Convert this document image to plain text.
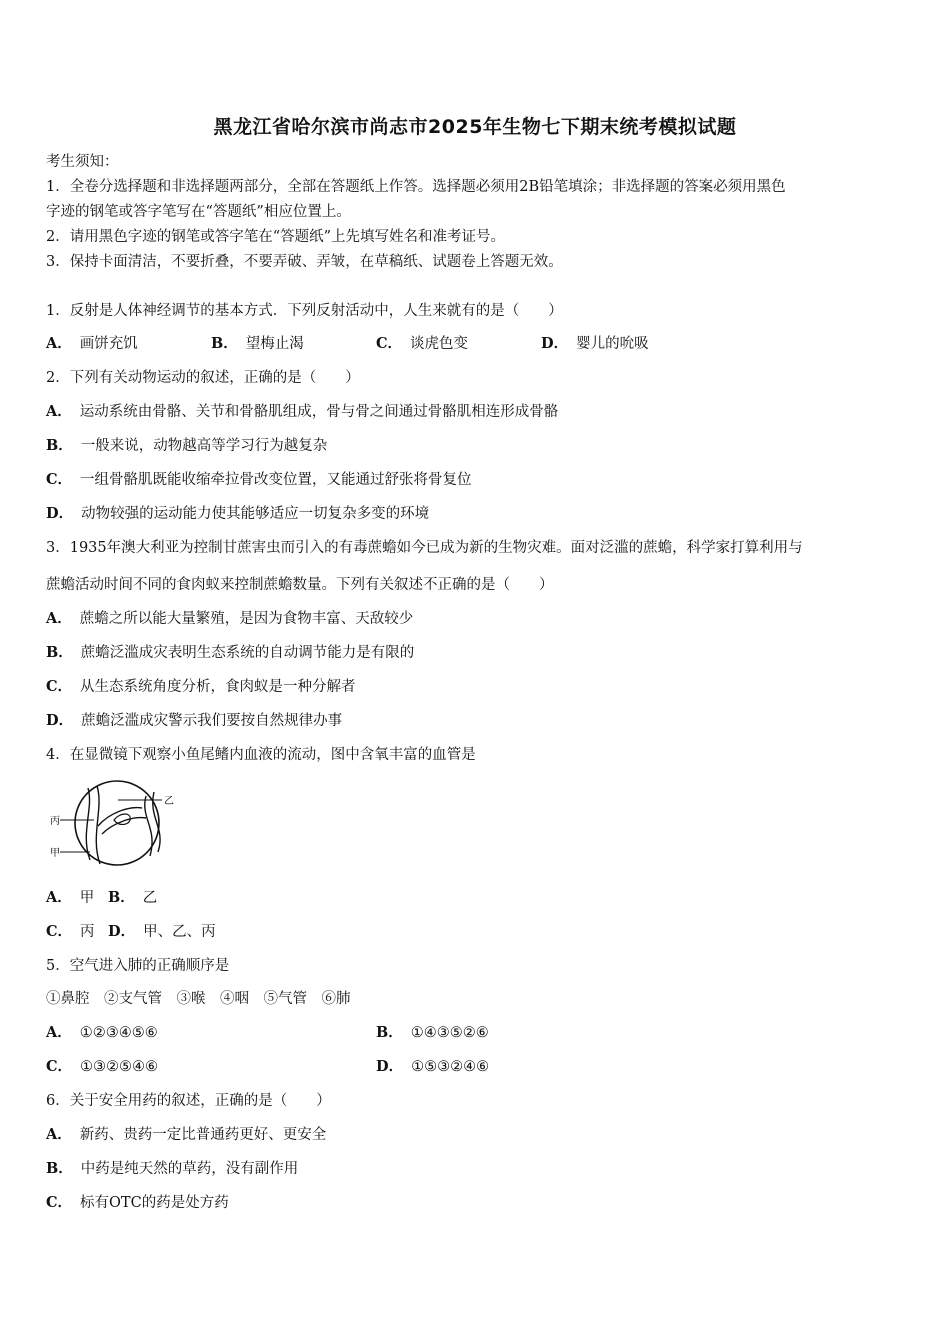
黑龙江省哈尔滨市尚志市2025年生物七下期末统考模拟试题
考生须知：
1．全卷分选择题和非选择题两部分，全部在答题纸上作答。选择题必须用2B铅笔填涂；非选择题的答案必须用黑色
字迹的钢笔或答字笔写在“答题纸”相应位置上。
2．请用黑色字迹的钢笔或答字笔在“答题纸”上先填写姓名和准考证号。
3．保持卡面清洁，不要折叠，不要弄破、弄皱，在草稿纸、试题卷上答题无效。
1．反射是人体神经调节的基本方式．下列反射活动中，人生来就有的是（　　）
A． 画饼充饥	B． 望梅止渴	C． 谈虎色变	D． 婴儿的吮吸
2．下列有关动物运动的叙述，正确的是（　　）
A． 运动系统由骨骼、关节和骨骼肌组成，骨与骨之间通过骨骼肌相连形成骨骼
B． 一般来说，动物越高等学习行为越复杂
C． 一组骨骼肌既能收缩牵拉骨改变位置，又能通过舒张将骨复位
D． 动物较强的运动能力使其能够适应一切复杂多变的环境
3．1935年澳大利亚为控制甘蔗害虫而引入的有毒蔗蟾如今已成为新的生物灾难。面对泛滥的蔗蟾，科学家打算利用与
蔗蟾活动时间不同的食肉蚁来控制蔗蟾数量。下列有关叙述不正确的是（　　）
A． 蔗蟾之所以能大量繁殖，是因为食物丰富、天敌较少
B． 蔗蟾泛滥成灾表明生态系统的自动调节能力是有限的
C． 从生态系统角度分析，食肉蚁是一种分解者
D． 蔗蟾泛滥成灾警示我们要按自然规律办事
4．在显微镜下观察小鱼尾鳍内血液的流动，图中含氧丰富的血管是
乙
丙
甲
A． 甲 B． 乙
C． 丙 D． 甲、乙、丙
5．空气进入肺的正确顺序是
①鼻腔　②支气管　③喉　④咽　⑤气管　⑥肺
A． ①②③④⑤⑥	B． ①④③⑤②⑥
C． ①③②⑤④⑥	D． ①⑤③②④⑥
6．关于安全用药的叙述，正确的是（　　）
A． 新药、贵药一定比普通药更好、更安全
B． 中药是纯天然的草药，没有副作用
C． 标有OTC的药是处方药
